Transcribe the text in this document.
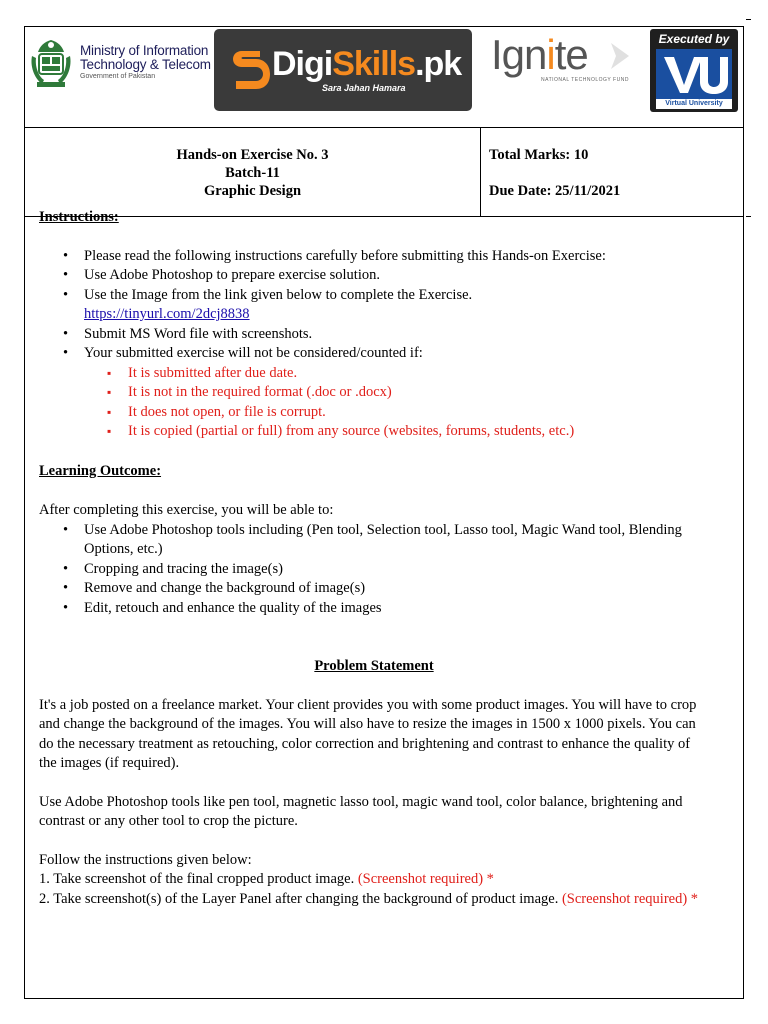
Ministry of Information
Technology & Telecom
Government of Pakistan	DigiSkills.pk
Sara Jahan Hamara
Ignite
NATIONAL TECHNOLOGY FUND
Executed by
Virtual University
Hands-on Exercise No. 3
Batch-11
Graphic Design
Total Marks: 10
Due Date: 25/11/2021

Instructions:

• Please read the following instructions carefully before submitting this Hands-on Exercise:
• Use Adobe Photoshop to prepare exercise solution.
• Use the Image from the link given below to complete the Exercise.
https://tinyurl.com/2dcj8838
• Submit MS Word file with screenshots.
• Your submitted exercise will not be considered/counted if:
▪ It is submitted after due date.
▪ It is not in the required format (.doc or .docx)
▪ It does not open, or file is corrupt.
▪ It is copied (partial or full) from any source (websites, forums, students, etc.)

Learning Outcome:

After completing this exercise, you will be able to:

• Use Adobe Photoshop tools including (Pen tool, Selection tool, Lasso tool, Magic Wand tool, Blending Options, etc.)
• Cropping and tracing the image(s)
• Remove and change the background of image(s)
• Edit, retouch and enhance the quality of the images

Problem Statement

It's a job posted on a freelance market. Your client provides you with some product images. You will have to crop and change the background of the images. You will also have to resize the images in 1500 x 1000 pixels. You can do the necessary treatment as retouching, color correction and brightening and contrast to enhance the quality of the images (if required).

Use Adobe Photoshop tools like pen tool, magnetic lasso tool, magic wand tool, color balance, brightening and contrast or any other tool to crop the picture.

Follow the instructions given below:

1. Take screenshot of the final cropped product image. (Screenshot required) *

2. Take screenshot(s) of the Layer Panel after changing the background of product image. (Screenshot required) *
